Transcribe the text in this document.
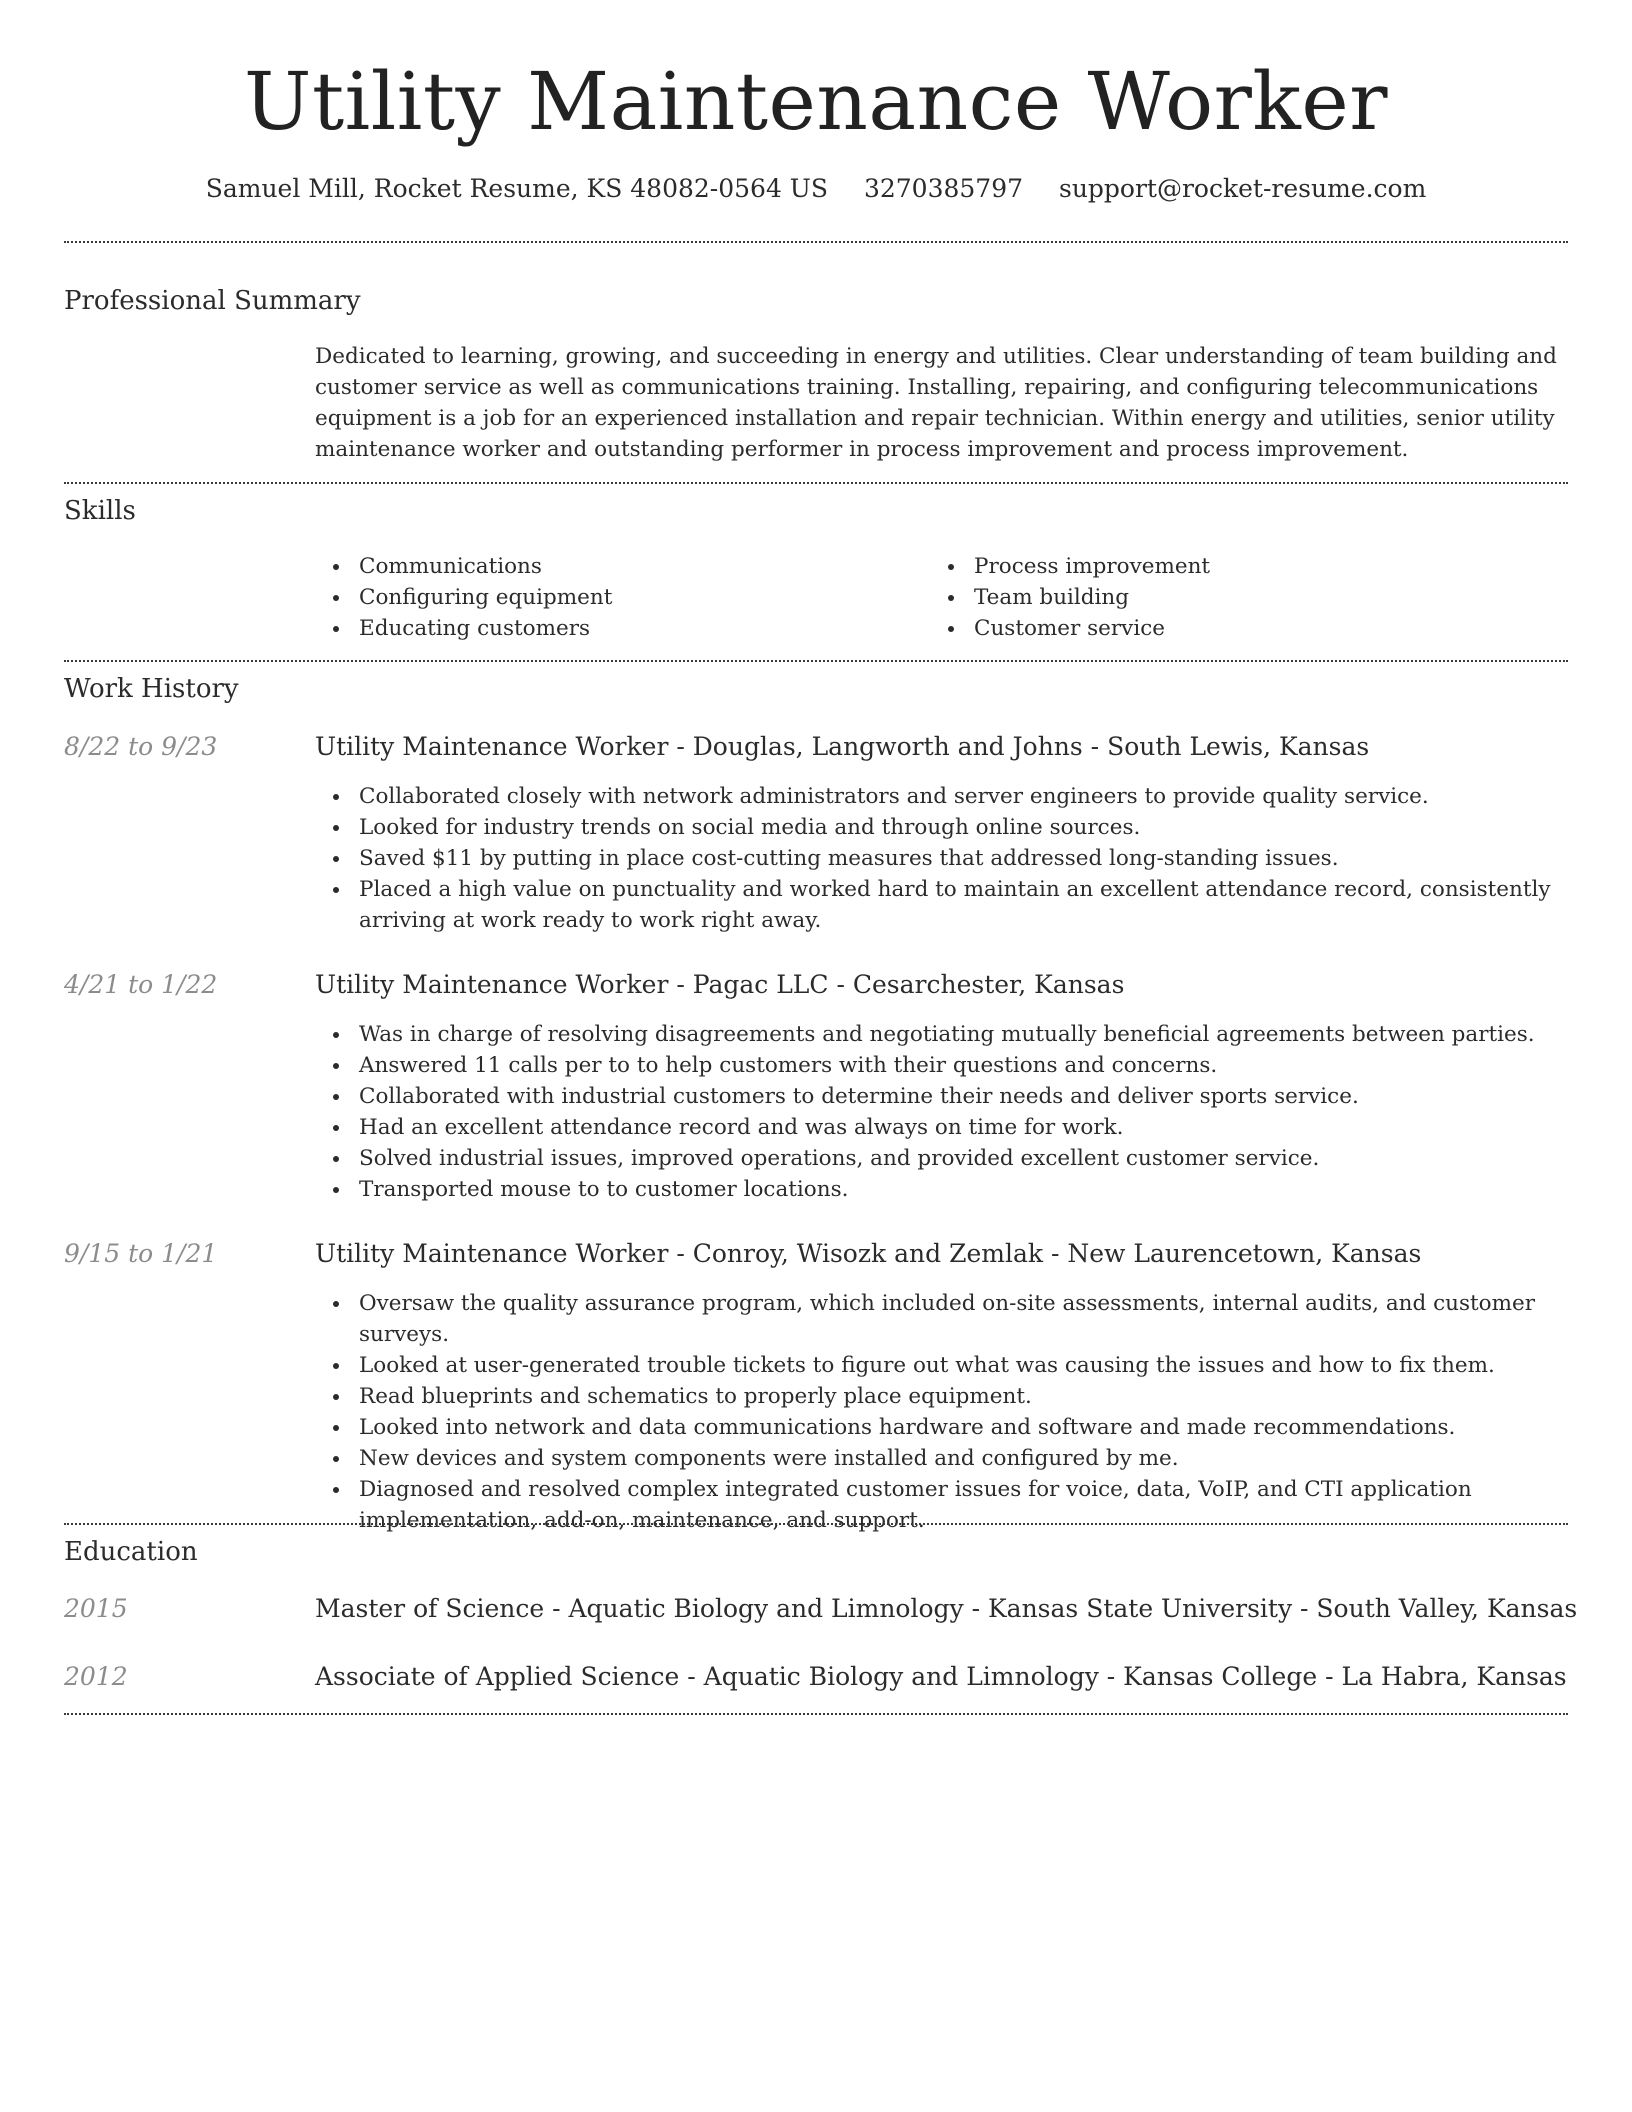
Utility Maintenance Worker
Samuel Mill, Rocket Resume, KS 48082-0564 US 3270385797 support@rocket-resume.com
Professional Summary
Dedicated to learning, growing, and succeeding in energy and utilities. Clear understanding of team building and customer service as well as communications training. Installing, repairing, and configuring telecommunications equipment is a job for an experienced installation and repair technician. Within energy and utilities, senior utility maintenance worker and outstanding performer in process improvement and process improvement.
Skills
Communications
Configuring equipment
Educating customers
Process improvement
Team building
Customer service
Work History
8/22 to 9/23	Utility Maintenance Worker - Douglas, Langworth and Johns - South Lewis, Kansas
Collaborated closely with network administrators and server engineers to provide quality service.
Looked for industry trends on social media and through online sources.
Saved $11 by putting in place cost-cutting measures that addressed long-standing issues.
Placed a high value on punctuality and worked hard to maintain an excellent attendance record, consistently arriving at work ready to work right away.
4/21 to 1/22	Utility Maintenance Worker - Pagac LLC - Cesarchester, Kansas
Was in charge of resolving disagreements and negotiating mutually beneficial agreements between parties.
Answered 11 calls per to to help customers with their questions and concerns.
Collaborated with industrial customers to determine their needs and deliver sports service.
Had an excellent attendance record and was always on time for work.
Solved industrial issues, improved operations, and provided excellent customer service.
Transported mouse to to customer locations.
9/15 to 1/21	Utility Maintenance Worker - Conroy, Wisozk and Zemlak - New Laurencetown, Kansas
Oversaw the quality assurance program, which included on-site assessments, internal audits, and customer surveys.
Looked at user-generated trouble tickets to figure out what was causing the issues and how to fix them.
Read blueprints and schematics to properly place equipment.
Looked into network and data communications hardware and software and made recommendations.
New devices and system components were installed and configured by me.
Diagnosed and resolved complex integrated customer issues for voice, data, VoIP, and CTI application implementation, add-on, maintenance, and support.
Education
2015	Master of Science - Aquatic Biology and Limnology - Kansas State University - South Valley, Kansas
2012	Associate of Applied Science - Aquatic Biology and Limnology - Kansas College - La Habra, Kansas
